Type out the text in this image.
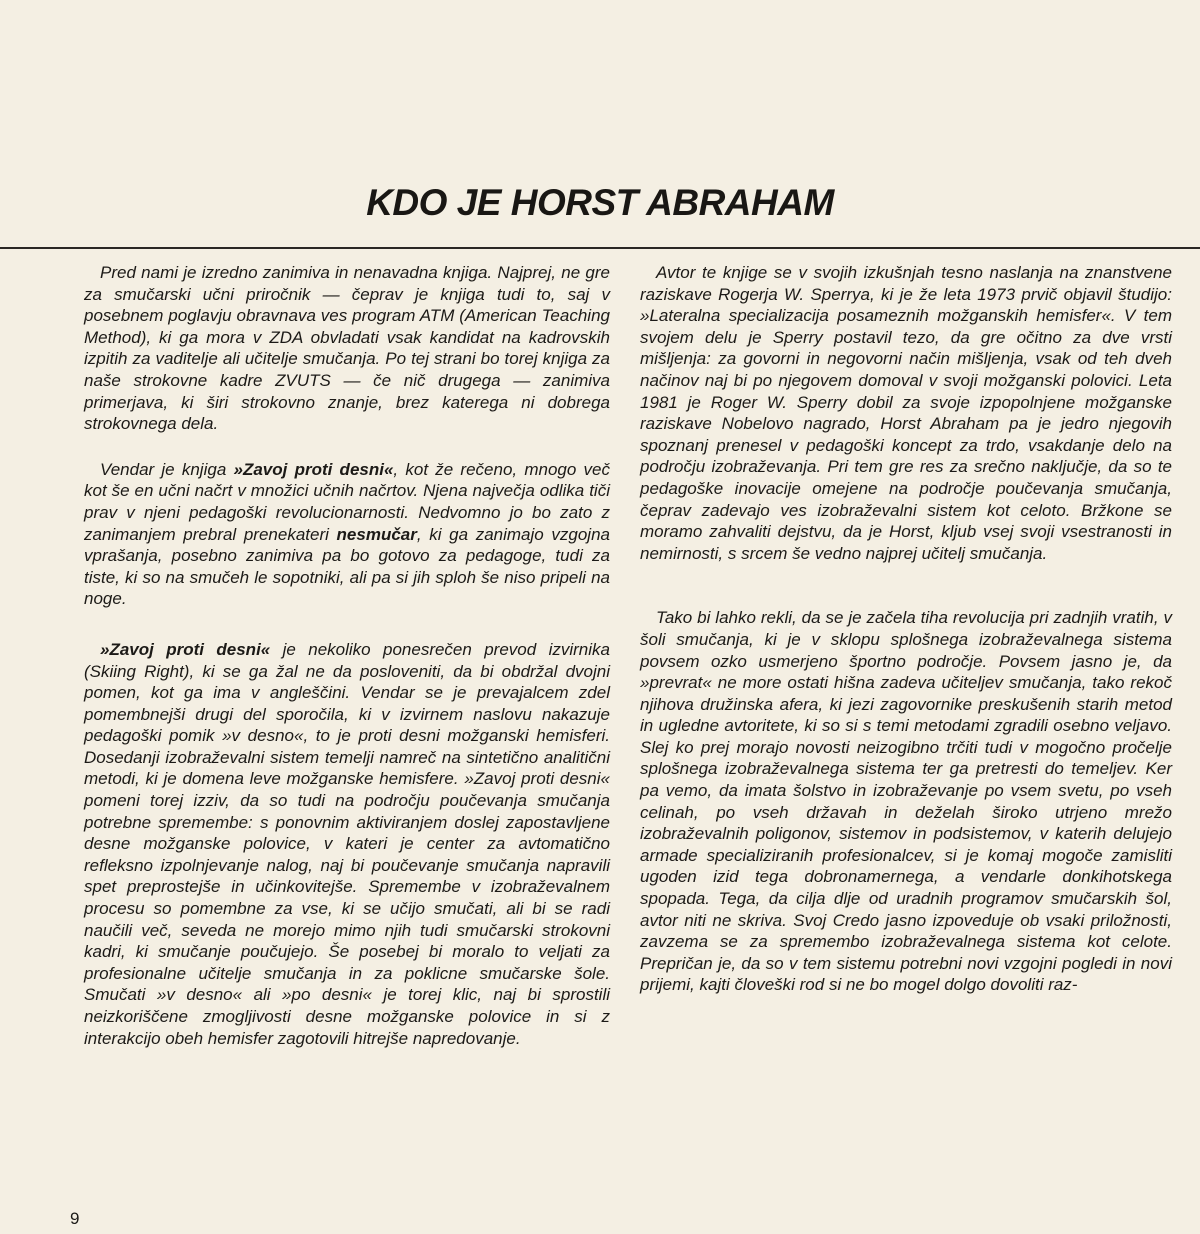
KDO JE HORST ABRAHAM

Pred nami je izredno zanimiva in nenavadna knjiga. Najprej, ne gre za smučarski učni priročnik — čeprav je knjiga tudi to, saj v posebnem poglavju obravnava ves program ATM (American Teaching Method), ki ga mora v ZDA obvladati vsak kandidat na kadrovskih izpitih za vaditelje ali učitelje smučanja. Po tej strani bo torej knjiga za naše strokovne kadre ZVUTS — če nič drugega — zanimiva primerjava, ki širi strokovno znanje, brez katerega ni dobrega strokovnega dela.

Vendar je knjiga »Zavoj proti desni«, kot že rečeno, mnogo več kot še en učni načrt v množici učnih načrtov. Njena največja odlika tiči prav v njeni pedagoški revolucionarnosti. Nedvomno jo bo zato z zanimanjem prebral prenekateri nesmučar, ki ga zanimajo vzgojna vprašanja, posebno zanimiva pa bo gotovo za pedagoge, tudi za tiste, ki so na smučeh le sopotniki, ali pa si jih sploh še niso pripeli na noge.

»Zavoj proti desni« je nekoliko ponesrečen prevod izvirnika (Skiing Right), ki se ga žal ne da posloveniti, da bi obdržal dvojni pomen, kot ga ima v angleščini. Vendar se je prevajalcem zdel pomembnejši drugi del sporočila, ki v izvirnem naslovu nakazuje pedagoški pomik »v desno«, to je proti desni možganski hemisferi. Dosedanji izobraževalni sistem temelji namreč na sintetično analitični metodi, ki je domena leve možganske hemisfere. »Zavoj proti desni« pomeni torej izziv, da so tudi na področju poučevanja smučanja potrebne spremembe: s ponovnim aktiviranjem doslej zapostavljene desne možganske polovice, v kateri je center za avtomatično refleksno izpolnjevanje nalog, naj bi poučevanje smučanja napravili spet preprostejše in učinkovitejše. Spremembe v izobraževalnem procesu so pomembne za vse, ki se učijo smučati, ali bi se radi naučili več, seveda ne morejo mimo njih tudi smučarski strokovni kadri, ki smučanje poučujejo. Še posebej bi moralo to veljati za profesionalne učitelje smučanja in za poklicne smučarske šole. Smučati »v desno« ali »po desni« je torej klic, naj bi sprostili neizkoriščene zmogljivosti desne možganske polovice in si z interakcijo obeh hemisfer zagotovili hitrejše napredovanje.

Avtor te knjige se v svojih izkušnjah tesno naslanja na znanstvene raziskave Rogerja W. Sperrya, ki je že leta 1973 prvič objavil študijo: »Lateralna specializacija posameznih možganskih hemisfer«. V tem svojem delu je Sperry postavil tezo, da gre očitno za dve vrsti mišljenja: za govorni in negovorni način mišljenja, vsak od teh dveh načinov naj bi po njegovem domoval v svoji možganski polovici. Leta 1981 je Roger W. Sperry dobil za svoje izpopolnjene možganske raziskave Nobelovo nagrado, Horst Abraham pa je jedro njegovih spoznanj prenesel v pedagoški koncept za trdo, vsakdanje delo na področju izobraževanja. Pri tem gre res za srečno naključje, da so te pedagoške inovacije omejene na področje poučevanja smučanja, čeprav zadevajo ves izobraževalni sistem kot celoto. Bržkone se moramo zahvaliti dejstvu, da je Horst, kljub vsej svoji vsestranosti in nemirnosti, s srcem še vedno najprej učitelj smučanja.

Tako bi lahko rekli, da se je začela tiha revolucija pri zadnjih vratih, v šoli smučanja, ki je v sklopu splošnega izobraževalnega sistema povsem ozko usmerjeno športno področje. Povsem jasno je, da »prevrat« ne more ostati hišna zadeva učiteljev smučanja, tako rekoč njihova družinska afera, ki jezi zagovornike preskušenih starih metod in ugledne avtoritete, ki so si s temi metodami zgradili osebno veljavo. Slej ko prej morajo novosti neizogibno trčiti tudi v mogočno pročelje splošnega izobraževalnega sistema ter ga pretresti do temeljev. Ker pa vemo, da imata šolstvo in izobraževanje po vsem svetu, po vseh celinah, po vseh državah in deželah široko utrjeno mrežo izobraževalnih poligonov, sistemov in podsistemov, v katerih delujejo armade specializiranih profesionalcev, si je komaj mogoče zamisliti ugoden izid tega dobronamernega, a vendarle donkihotskega spopada. Tega, da cilja dlje od uradnih programov smučarskih šol, avtor niti ne skriva. Svoj Credo jasno izpoveduje ob vsaki priložnosti, zavzema se za spremembo izobraževalnega sistema kot celote. Prepričan je, da so v tem sistemu potrebni novi vzgojni pogledi in novi prijemi, kajti človeški rod si ne bo mogel dolgo dovoliti raz-

9
